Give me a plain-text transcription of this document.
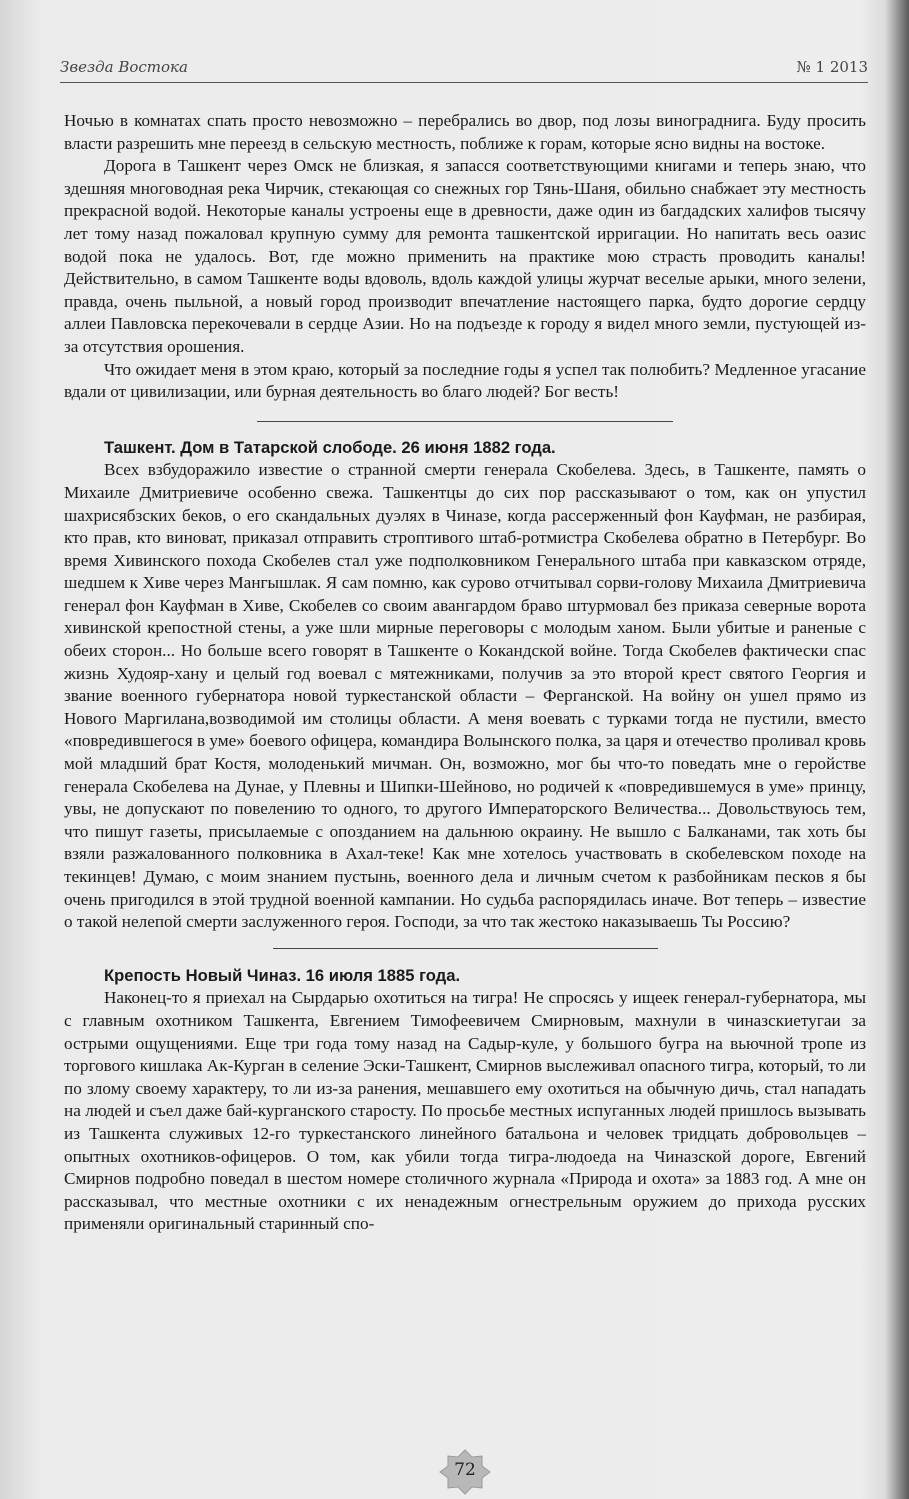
Звезда Востока	№ 1 2013

Ночью в комнатах спать просто невозможно – перебрались во двор, под лозы винограднига. Буду просить власти разрешить мне переезд в сельскую местность, поближе к горам, которые ясно видны на востоке.

Дорога в Ташкент через Омск не близкая, я запасся соответствующими книгами и теперь знаю, что здешняя многоводная река Чирчик, стекающая со снежных гор Тянь-Шаня, обильно снабжает эту местность прекрасной водой. Некоторые каналы устроены еще в древности, даже один из багдадских халифов тысячу лет тому назад пожаловал крупную сумму для ремонта ташкентской ирригации. Но напитать весь оазис водой пока не удалось. Вот, где можно применить на практике мою страсть проводить каналы! Действительно, в самом Ташкенте воды вдоволь, вдоль каждой улицы журчат веселые арыки, много зелени, правда, очень пыльной, а новый город производит впечатление настоящего парка, будто дорогие сердцу аллеи Павловска перекочевали в сердце Азии. Но на подъезде к городу я видел много земли, пустующей из-за отсутствия орошения.

Что ожидает меня в этом краю, который за последние годы я успел так полюбить? Медленное угасание вдали от цивилизации, или бурная деятельность во благо людей? Бог весть!

Ташкент. Дом в Татарской слободе. 26 июня 1882 года.

Всех взбудоражило известие о странной смерти генерала Скобелева. Здесь, в Ташкенте, память о Михаиле Дмитриевиче особенно свежа. Ташкентцы до сих пор рассказывают о том, как он упустил шахрисябзских беков, о его скандальных дуэлях в Чиназе, когда рассерженный фон Кауфман, не разбирая, кто прав, кто виноват, приказал отправить строптивого штаб-ротмистра Скобелева обратно в Петербург. Во время Хивинского похода Скобелев стал уже подполковником Генерального штаба при кавказском отряде, шедшем к Хиве через Мангышлак. Я сам помню, как сурово отчитывал сорви-голову Михаила Дмитриевича генерал фон Кауфман в Хиве, Скобелев со своим авангардом браво штурмовал без приказа северные ворота хивинской крепостной стены, а уже шли мирные переговоры с молодым ханом. Были убитые и раненые с обеих сторон... Но больше всего говорят в Ташкенте о Кокандской войне. Тогда Скобелев фактически спас жизнь Худояр-хану и целый год воевал с мятежниками, получив за это второй крест святого Георгия и звание военного губернатора новой туркестанской области – Ферганской. На войну он ушел прямо из Нового Маргилана,возводимой им столицы области. А меня воевать с турками тогда не пустили, вместо «повредившегося в уме» боевого офицера, командира Волынского полка, за царя и отечество проливал кровь мой младший брат Костя, молоденький мичман. Он, возможно, мог бы что-то поведать мне о геройстве генерала Скобелева на Дунае, у Плевны и Шипки-Шейново, но родичей к «повредившемуся в уме» принцу, увы, не допускают по повелению то одного, то другого Императорского Величества... Довольствуюсь тем, что пишут газеты, присылаемые с опозданием на дальнюю окраину. Не вышло с Балканами, так хоть бы взяли разжалованного полковника в Ахал-теке! Как мне хотелось участвовать в скобелевском походе на текинцев! Думаю, с моим знанием пустынь, военного дела и личным счетом к разбойникам песков я бы очень пригодился в этой трудной военной кампании. Но судьба распорядилась иначе. Вот теперь – известие о такой нелепой смерти заслуженного героя. Господи, за что так жестоко наказываешь Ты Россию?

Крепость Новый Чиназ. 16 июля 1885 года.

Наконец-то я приехал на Сырдарью охотиться на тигра! Не спросясь у ищеек генерал-губернатора, мы с главным охотником Ташкента, Евгением Тимофеевичем Смирновым, махнули в чиназскиетугаи за острыми ощущениями. Еще три года тому назад на Садыр-куле, у большого бугра на вьючной тропе из торгового кишлака Ак-Курган в селение Эски-Ташкент, Смирнов выслеживал опасного тигра, который, то ли по злому своему характеру, то ли из-за ранения, мешавшего ему охотиться на обычную дичь, стал нападать на людей и съел даже бай-курганского старосту. По просьбе местных испуганных людей пришлось вызывать из Ташкента служивых 12-го туркестанского линейного батальона и человек тридцать добровольцев – опытных охотников-офицеров. О том, как убили тогда тигра-людоеда на Чиназской дороге, Евгений Смирнов подробно поведал в шестом номере столичного журнала «Природа и охота» за 1883 год. А мне он рассказывал, что местные охотники с их ненадежным огнестрельным оружием до прихода русских применяли оригинальный старинный спо-

72
